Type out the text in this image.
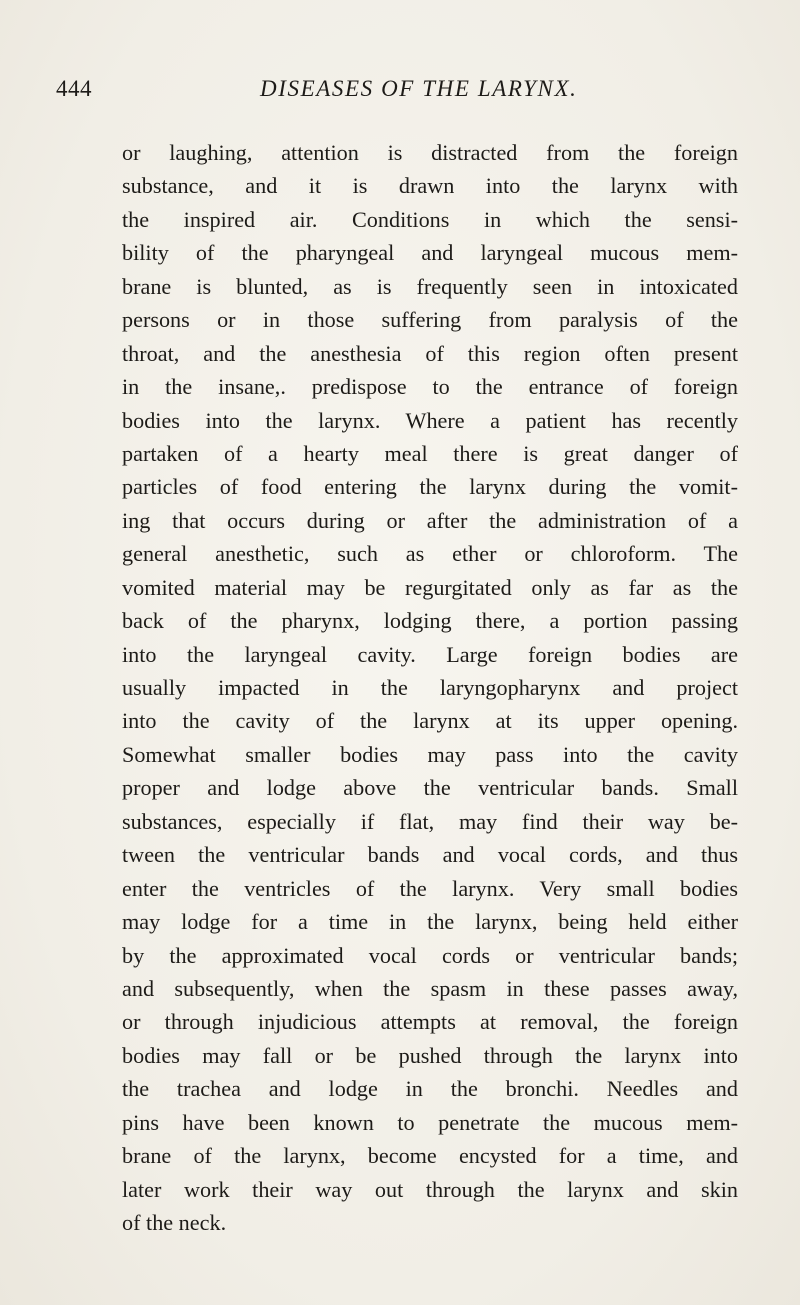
444	DISEASES OF THE LARYNX.
or laughing, attention is distracted from the foreign
substance, and it is drawn into the larynx with
the inspired air. Conditions in which the sensi-
bility of the pharyngeal and laryngeal mucous mem-
brane is blunted, as is frequently seen in intoxicated
persons or in those suffering from paralysis of the
throat, and the anesthesia of this region often present
in the insane,. predispose to the entrance of foreign
bodies into the larynx. Where a patient has recently
partaken of a hearty meal there is great danger of
particles of food entering the larynx during the vomit-
ing that occurs during or after the administration of a
general anesthetic, such as ether or chloroform. The
vomited material may be regurgitated only as far as the
back of the pharynx, lodging there, a portion passing
into the laryngeal cavity. Large foreign bodies are
usually impacted in the laryngopharynx and project
into the cavity of the larynx at its upper opening.
Somewhat smaller bodies may pass into the cavity
proper and lodge above the ventricular bands. Small
substances, especially if flat, may find their way be-
tween the ventricular bands and vocal cords, and thus
enter the ventricles of the larynx. Very small bodies
may lodge for a time in the larynx, being held either
by the approximated vocal cords or ventricular bands;
and subsequently, when the spasm in these passes away,
or through injudicious attempts at removal, the foreign
bodies may fall or be pushed through the larynx into
the trachea and lodge in the bronchi. Needles and
pins have been known to penetrate the mucous mem-
brane of the larynx, become encysted for a time, and
later work their way out through the larynx and skin
of the neck.
